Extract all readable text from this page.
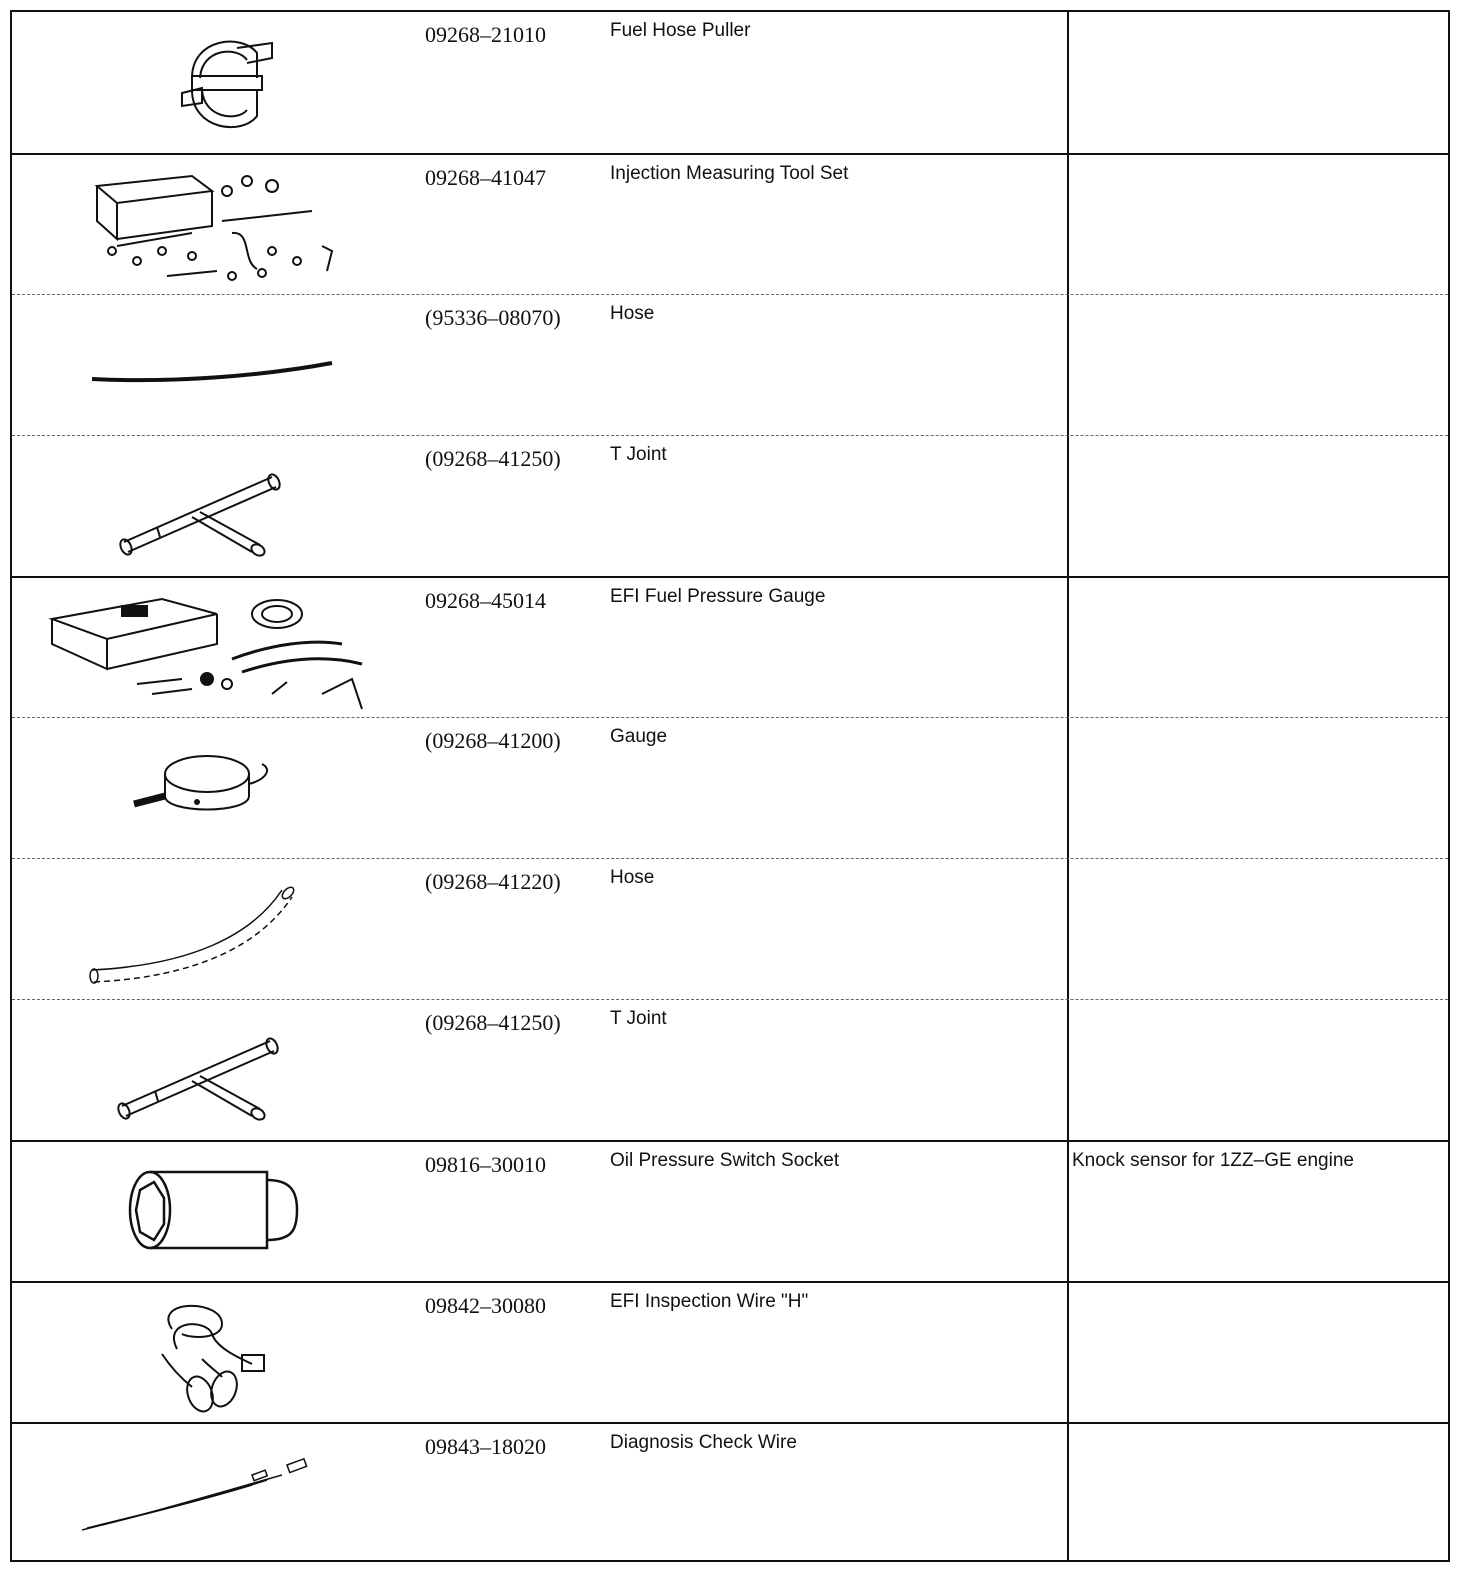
09268–21010	Fuel Hose Puller
09268–41047	Injection Measuring Tool Set
(95336–08070)	Hose
(09268–41250)	T Joint
09268–45014	EFI Fuel Pressure Gauge
(09268–41200)	Gauge
(09268–41220)	Hose
(09268–41250)	T Joint
09816–30010	Oil Pressure Switch Socket	Knock sensor for 1ZZ–GE engine
09842–30080	EFI Inspection Wire "H"
09843–18020	Diagnosis Check Wire
